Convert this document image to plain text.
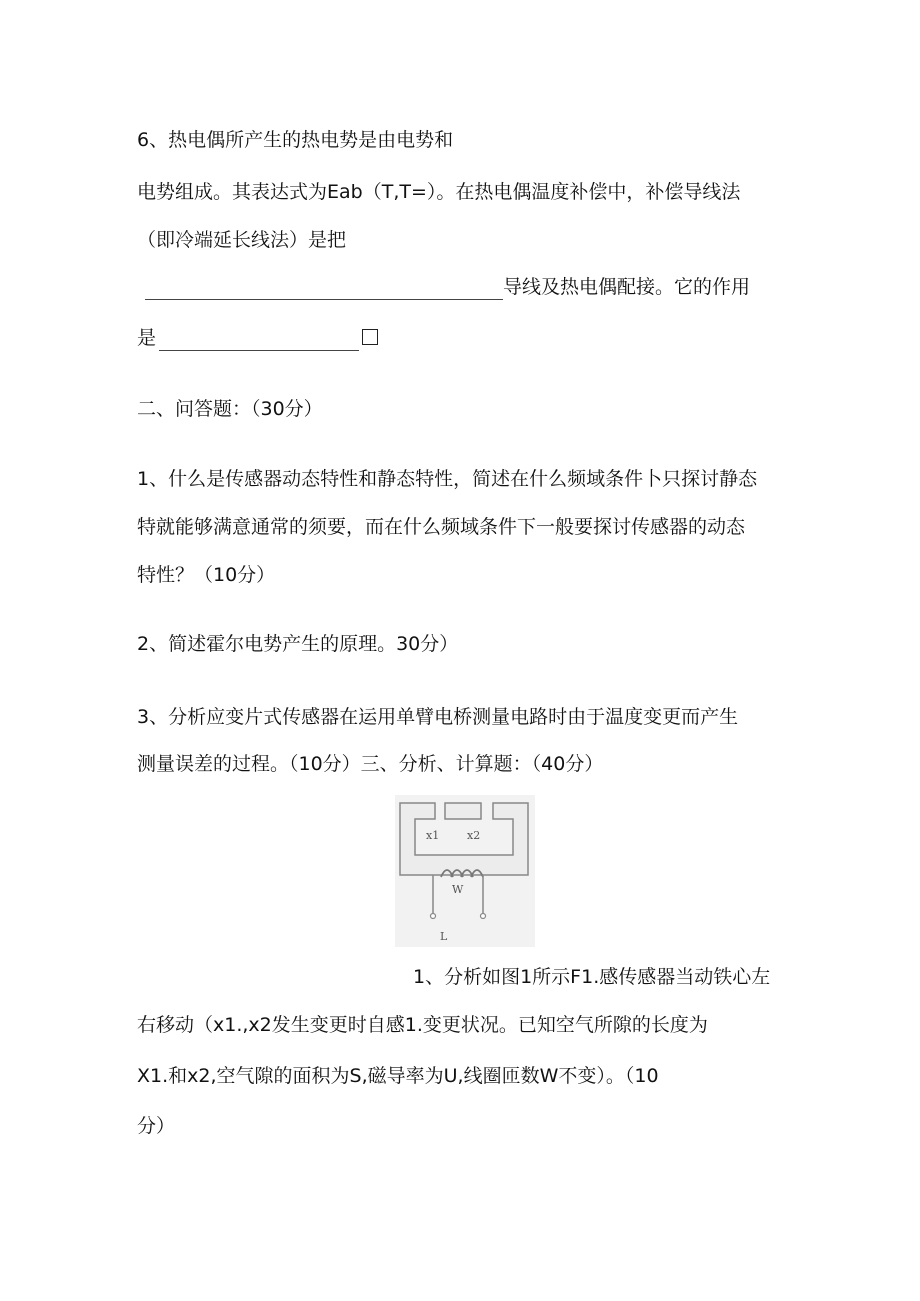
6、热电偶所产生的热电势是由电势和
电势组成。其表达式为Eab（T,T=）。在热电偶温度补偿中，补偿导线法
（即冷端延长线法）是把
导线及热电偶配接。它的作用
是
二、问答题：（30分）
1、什么是传感器动态特性和静态特性，简述在什么频域条件卜只探讨静态
特就能够满意通常的须要，而在什么频域条件下一般要探讨传感器的动态
特性？（10分）
2、简述霍尔电势产生的原理。30分）
3、分析应变片式传感器在运用单臂电桥测量电路时由于温度变更而产生
测量误差的过程。（10分）三、分析、计算题：（40分）
x1	x2
W
L
1、分析如图1所示F1.感传感器当动铁心左
右移动（x1.,x2发生变更时自感1.变更状况。已知空气所隙的长度为
X1.和x2,空气隙的面积为S,磁导率为U,线圈匝数W不变）。（10
分）
